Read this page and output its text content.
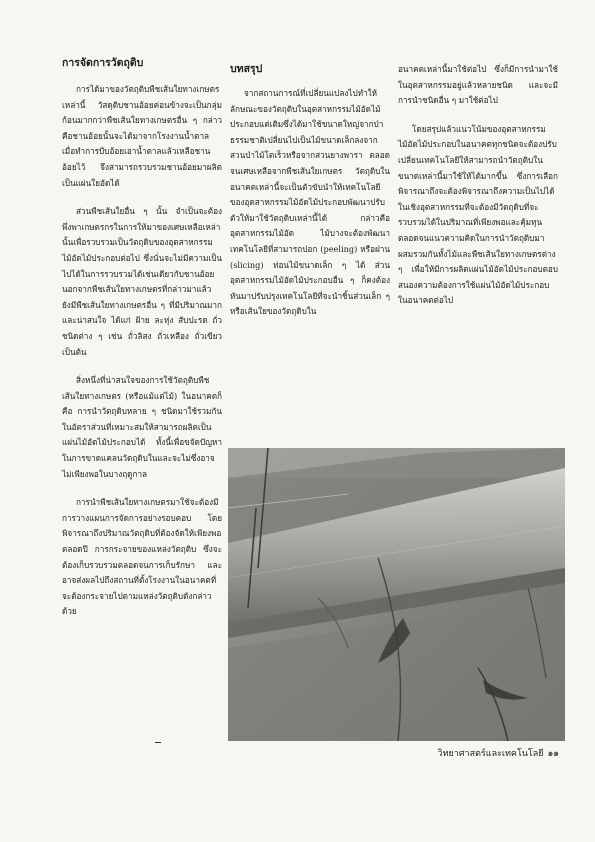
การจัดการวัตถุดิบ

การได้มาของวัตถุดิบพืชเส้นใยทางเกษตรเหล่านี้ วัสดุดิบชานอ้อยค่อนข้างจะเป็นกลุ่มก้อนมากกว่าพืชเส้นใยทางเกษตรอื่น ๆ กล่าวคือชานอ้อยนั้นจะได้มาจากโรงงานน้ำตาล เมื่อทำการบีบอ้อยเอาน้ำตาลแล้วเหลือชานอ้อยไว้ จึงสามารถรวบรวมชานอ้อยมาผลิตเป็นแผ่นใยอัดได้

ส่วนพืชเส้นใยอื่น ๆ นั้น จำเป็นจะต้องพึ่งพาเกษตรกรในการให้มาของเศษเหลือเหล่านั้นเพื่อรวบรวมเป็นวัตถุดิบของอุตสาหกรรมไม้อัดไม้ประกอบต่อไป ซึ่งนั่นจะไม่มีความเป็นไปได้ในการรวบรวมได้เช่นเดียวกับชานอ้อยนอกจากพืชเส้นใยทางเกษตรที่กล่าวมาแล้ว ยังมีพืชเส้นใยทางเกษตรอื่น ๆ ที่มีปริมาณมากและน่าสนใจ ได้แก่ ฝ้าย ละหุ่ง สับปะรด ถั่วชนิดต่าง ๆ เช่น ถั่วลิสง ถั่วเหลือง ถั่วเขียว เป็นต้น

สิ่งหนึ่งที่น่าสนใจของการใช้วัตถุดิบพืชเส้นใยทางเกษตร (หรือแม้แต่ไม้) ในอนาคตก็คือ การนำวัตถุดิบหลาย ๆ ชนิดมาใช้รวมกันในอัตราส่วนที่เหมาะสมให้สามารถผลิตเป็นแผ่นไม้อัดไม้ประกอบได้ ทั้งนี้เพื่อขจัดปัญหาในการขาดแคลนวัตถุดิบในและจะไม่ซึ่งอาจไม่เพียงพอในบางฤดูกาล

การนำพืชเส้นใยทางเกษตรมาใช้จะต้องมีการวางแผนการจัดการอย่างรอบคอบ โดยพิจารณาถึงปริมาณวัตถุดิบที่ต้องจัดให้เพียงพอตลอดปี การกระจายของแหล่งวัตถุดิบ ซึ่งจะต้องเก็บรวบรวมตลอดจนการเก็บรักษา และอาจส่งผลไปถึงสถานที่ตั้งโรงงานในอนาคตที่จะต้องกระจายไปตามแหล่งวัตถุดิบดังกล่าวด้วย

บทสรุป

จากสถานการณ์ที่เปลี่ยนแปลงไปทำให้ลักษณะของวัตถุดิบในอุตสาหกรรมไม้อัดไม้ประกอบแต่เดิมซึ่งได้มาใช้ขนาดใหญ่จากป่าธรรมชาติเปลี่ยนไปเป็นไม้ขนาดเล็กลงจากสวนป่าไม้โตเร็วหรือจากสวนยางพารา ตลอดจนเศษเหลือจากพืชเส้นใยเกษตร วัตถุดิบในอนาคตเหล่านี้จะเป็นตัวขับนำให้เทคโนโลยีของอุตสาหกรรมไม้อัดไม้ประกอบพัฒนาปรับตัวให้มาใช้วัตถุดิบเหล่านี้ได้ กล่าวคืออุตสาหกรรมไม้อัด ไม้บางจะต้องพัฒนาเทคโนโลยีที่สามารถปอก (peeling) หรือฝาน (slicing) ท่อนไม้ขนาดเล็ก ๆ ได้ ส่วนอุตสาหกรรมไม้อัดไม้ประกอบอื่น ๆ ก็คงต้องหันมาปรับปรุงเทคโนโลยีที่จะนำชิ้นส่วนเล็ก ๆ หรือเส้นใยของวัตถุดิบใน

อนาคตเหล่านี้มาใช้ต่อไป ซึ่งก็มีการนำมาใช้ในอุตสาหกรรมอยู่แล้วหลายชนิด และจะมีการนำชนิดอื่น ๆ มาใช้ต่อไป

โดยสรุปแล้วแนวโน้มของอุตสาหกรรมไม้อัดไม้ประกอบในอนาคตทุกชนิดจะต้องปรับเปลี่ยนเทคโนโลยีให้สามารถนำวัตถุดิบในขนาดเหล่านี้มาใช้ให้ได้มากขึ้น ซึ่งการเลือกพิจารณาถึงจะต้องพิจารณาถึงความเป็นไปได้ในเชิงอุตสาหกรรมที่จะต้องมีวัตถุดิบที่จะรวบรวมได้ในปริมาณที่เพียงพอและคุ้มทุน ตลอดจนแนวความคิดในการนำวัตถุดิบมาผสมรวมกันทั้งไม้และพืชเส้นใยทางเกษตรต่าง ๆ เพื่อให้มีการผลิตแผ่นไม้อัดไม้ประกอบตอบสนองความต้องการใช้แผ่นไม้อัดไม้ประกอบในอนาคตต่อไป

วิทยาศาสตร์และเทคโนโลยี ๑๑
